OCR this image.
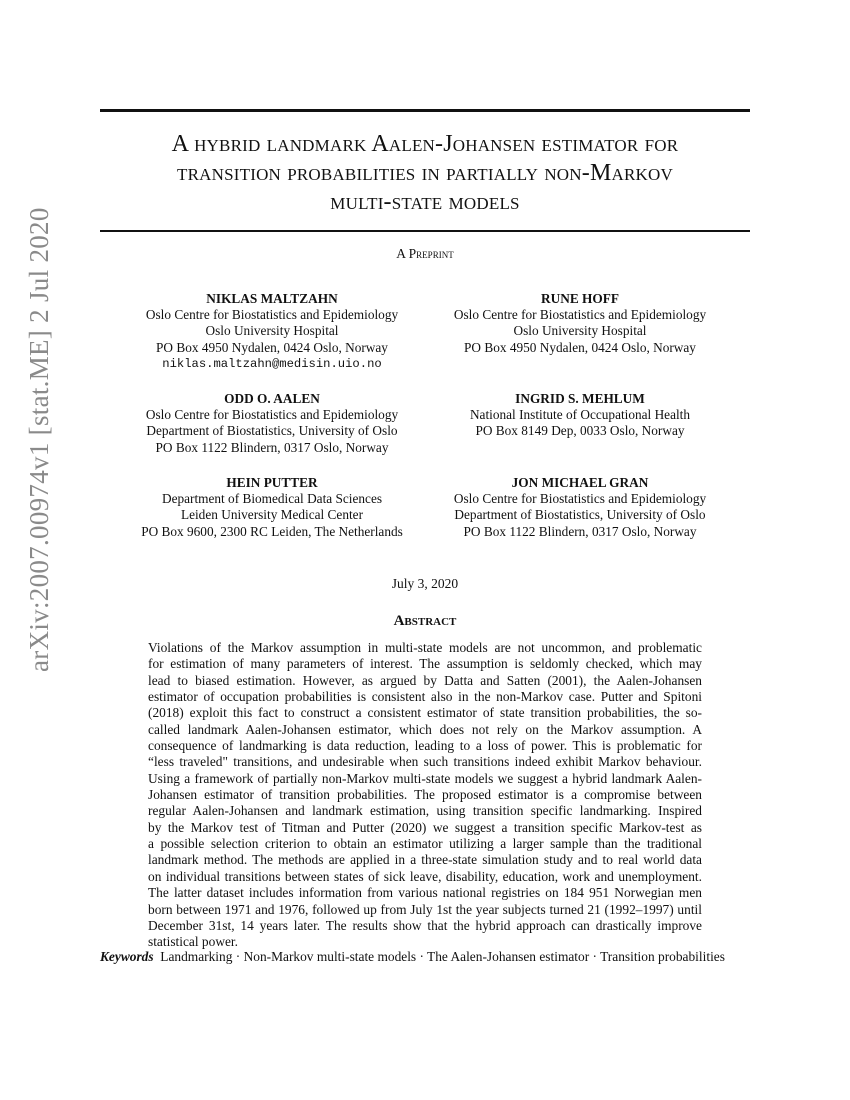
arXiv:2007.00974v1 [stat.ME] 2 Jul 2020
A hybrid landmark Aalen-Johansen estimator for
transition probabilities in partially non-Markov
multi-state models
A Preprint
NIKLAS MALTZAHN
Oslo Centre for Biostatistics and Epidemiology
Oslo University Hospital
PO Box 4950 Nydalen, 0424 Oslo, Norway
niklas.maltzahn@medisin.uio.no
RUNE HOFF
Oslo Centre for Biostatistics and Epidemiology
Oslo University Hospital
PO Box 4950 Nydalen, 0424 Oslo, Norway
ODD O. AALEN
Oslo Centre for Biostatistics and Epidemiology
Department of Biostatistics, University of Oslo
PO Box 1122 Blindern, 0317 Oslo, Norway
INGRID S. MEHLUM
National Institute of Occupational Health
PO Box 8149 Dep, 0033 Oslo, Norway
HEIN PUTTER
Department of Biomedical Data Sciences
Leiden University Medical Center
PO Box 9600, 2300 RC Leiden, The Netherlands
JON MICHAEL GRAN
Oslo Centre for Biostatistics and Epidemiology
Department of Biostatistics, University of Oslo
PO Box 1122 Blindern, 0317 Oslo, Norway
July 3, 2020
Abstract
Violations of the Markov assumption in multi-state models are not uncommon, and problematic
for estimation of many parameters of interest. The assumption is seldomly checked, which may
lead to biased estimation. However, as argued by Datta and Satten (2001), the Aalen-Johansen
estimator of occupation probabilities is consistent also in the non-Markov case. Putter and Spitoni
(2018) exploit this fact to construct a consistent estimator of state transition probabilities, the so-
called landmark Aalen-Johansen estimator, which does not rely on the Markov assumption. A
consequence of landmarking is data reduction, leading to a loss of power. This is problematic for
“less traveled" transitions, and undesirable when such transitions indeed exhibit Markov behaviour.
Using a framework of partially non-Markov multi-state models we suggest a hybrid landmark Aalen-
Johansen estimator of transition probabilities. The proposed estimator is a compromise between
regular Aalen-Johansen and landmark estimation, using transition specific landmarking. Inspired
by the Markov test of Titman and Putter (2020) we suggest a transition specific Markov-test as
a possible selection criterion to obtain an estimator utilizing a larger sample than the traditional
landmark method. The methods are applied in a three-state simulation study and to real world data
on individual transitions between states of sick leave, disability, education, work and unemployment.
The latter dataset includes information from various national registries on 184 951 Norwegian men
born between 1971 and 1976, followed up from July 1st the year subjects turned 21 (1992–1997) until
December 31st, 14 years later. The results show that the hybrid approach can drastically improve
statistical power.
Keywords Landmarking · Non-Markov multi-state models · The Aalen-Johansen estimator · Transition probabilities
